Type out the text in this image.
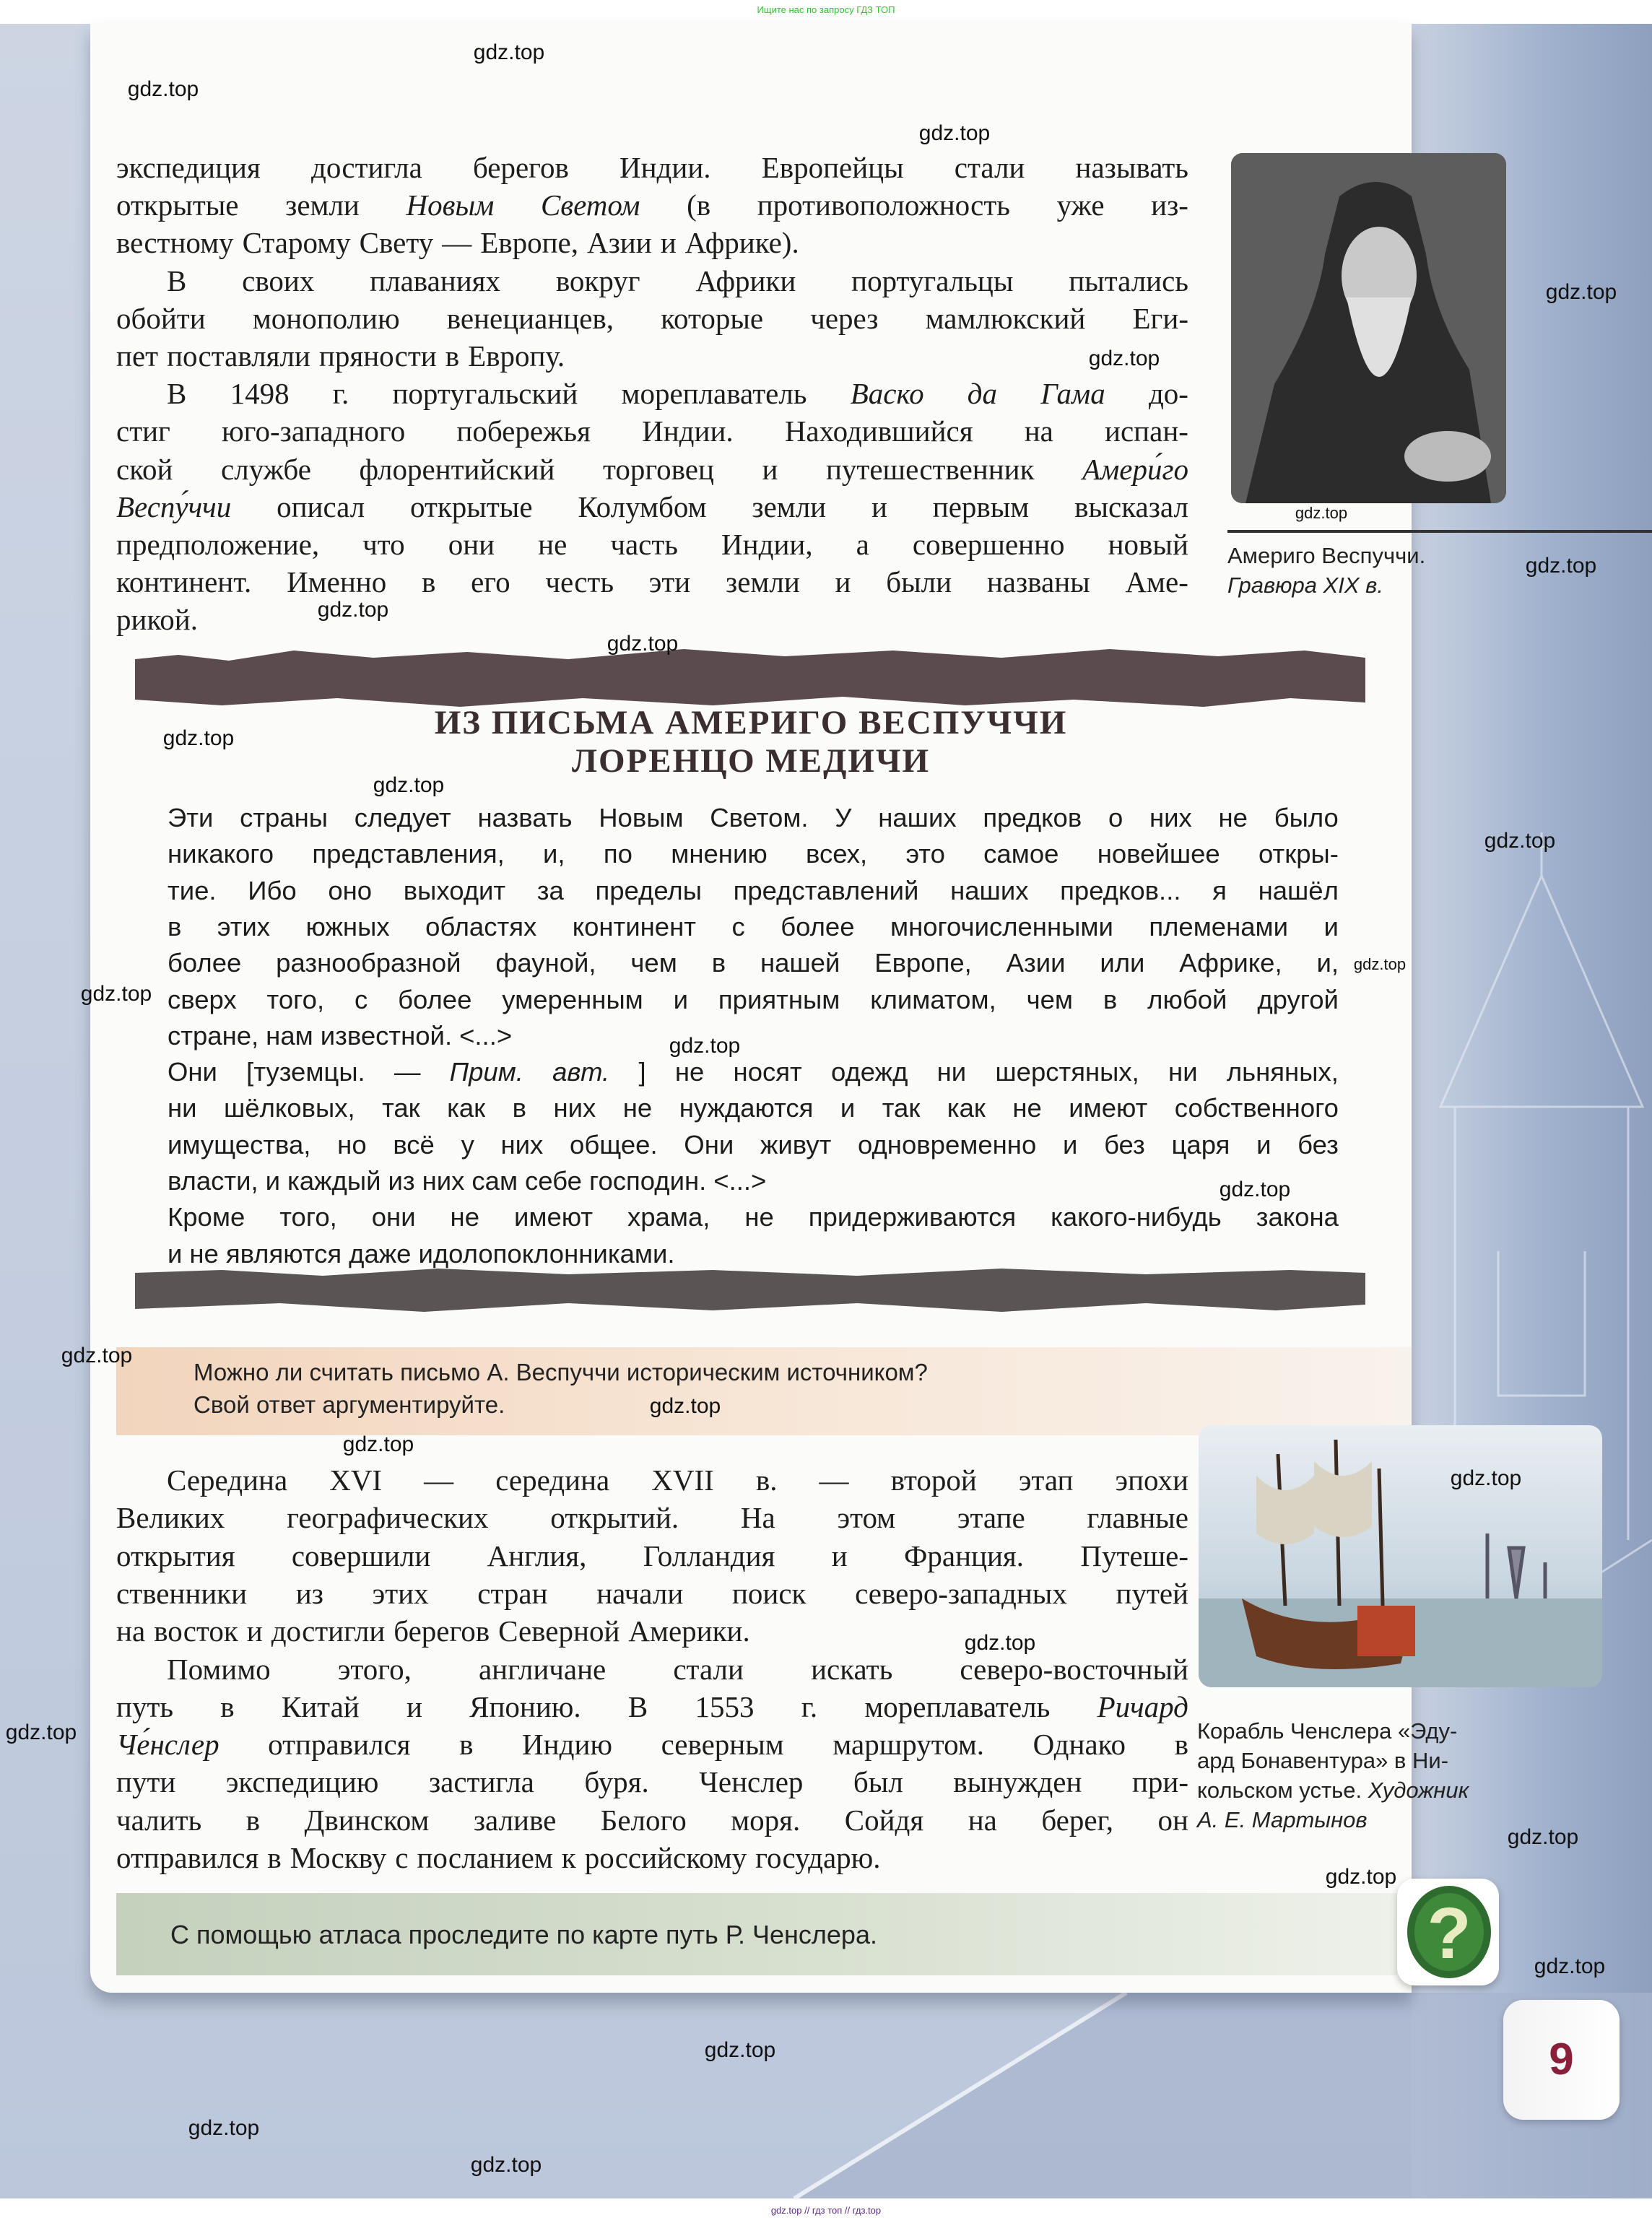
Ищите нас по запросу ГДЗ ТОП
экспедиция достигла берегов Индии. Европейцы стали называть
открытые земли Новым Светом (в противоположность уже из-
вестному Старому Свету — Европе, Азии и Африке).
В своих плаваниях вокруг Африки португальцы пытались
обойти монополию венецианцев, которые через мамлюкский Еги-
пет поставляли пряности в Европу.
В 1498 г. португальский мореплаватель Васко да Гама до-
стиг юго-западного побережья Индии. Находившийся на испан-
ской службе флорентийский торговец и путешественник Амери́го
Веспу́ччи описал открытые Колумбом земли и первым высказал
предположение, что они не часть Индии, а совершенно новый
континент. Именно в его честь эти земли и были названы Аме-
рикой.
Америго Веспуччи.
Гравюра XIX в.
ИЗ ПИСЬМА АМЕРИГО ВЕСПУЧЧИ
ЛОРЕНЦО МЕДИЧИ
Эти страны следует назвать Новым Светом. У наших предков о них не было
никакого представления, и, по мнению всех, это самое новейшее откры-
тие. Ибо оно выходит за пределы представлений наших предков... я нашёл
в этих южных областях континент с более многочисленными племенами и
более разнообразной фауной, чем в нашей Европе, Азии или Африке, и,
сверх того, с более умеренным и приятным климатом, чем в любой другой
стране, нам известной. <...>
Они [туземцы. — Прим. авт. ] не носят одежд ни шерстяных, ни льняных,
ни шёлковых, так как в них не нуждаются и так как не имеют собственного
имущества, но всё у них общее. Они живут одновременно и без царя и без
власти, и каждый из них сам себе господин. <...>
Кроме того, они не имеют храма, не придерживаются какого-нибудь закона
и не являются даже идолопоклонниками.
Можно ли считать письмо А. Веспуччи историческим источником?
Свой ответ аргументируйте.
Середина XVI — середина XVII в. — второй этап эпохи
Великих географических открытий. На этом этапе главные
открытия совершили Англия, Голландия и Франция. Путеше-
ственники из этих стран начали поиск северо-западных путей
на восток и достигли берегов Северной Америки.
Помимо этого, англичане стали искать северо-восточный
путь в Китай и Японию. В 1553 г. мореплаватель Ричард
Че́нслер отправился в Индию северным маршрутом. Однако в
пути экспедицию застигла буря. Ченслер был вынужден при-
чалить в Двинском заливе Белого моря. Сойдя на берег, он
отправился в Москву с посланием к российскому государю.
Корабль Ченслера «Эду-
ард Бонавентура» в Ни-
кольском устье. Художник
А. Е. Мартынов
С помощью атласа проследите по карте путь Р. Ченслера.	?
9
gdz.top
gdz.top
gdz.top
gdz.top
gdz.top
gdz.top
gdz.top
gdz.top
gdz.top
gdz.top
gdz.top
gdz.top
gdz.top
gdz.top
gdz.top
gdz.top
gdz.top
gdz.top
gdz.top
gdz.top
gdz.top
gdz.top
gdz.top
gdz.top
gdz.top
gdz.top
gdz.top
gdz.top
gdz.top // гдз топ // гдз.top
